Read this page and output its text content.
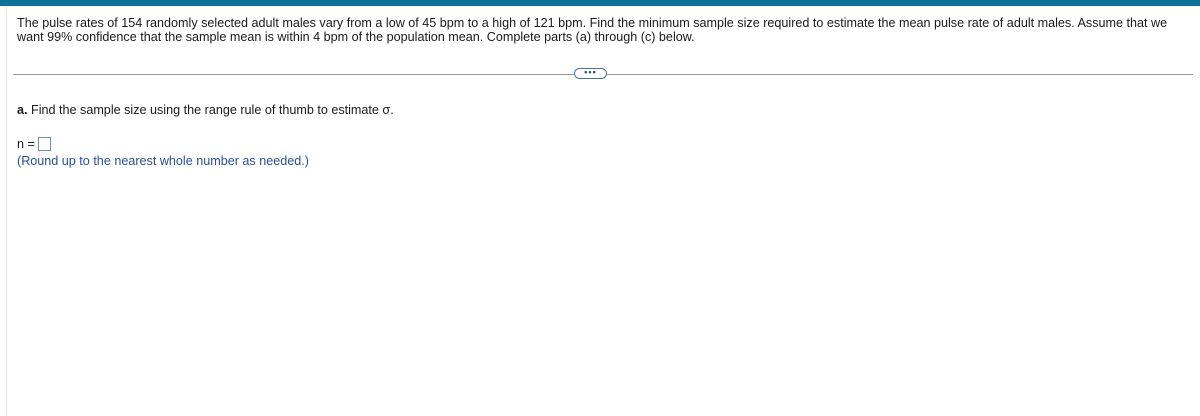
The pulse rates of 154 randomly selected adult males vary from a low of 45 bpm to a high of 121 bpm. Find the minimum sample size required to estimate the mean pulse rate of adult males. Assume that we want 99% confidence that the sample mean is within 4 bpm of the population mean. Complete parts (a) through (c) below.
•••
a. Find the sample size using the range rule of thumb to estimate σ.
n =
(Round up to the nearest whole number as needed.)
